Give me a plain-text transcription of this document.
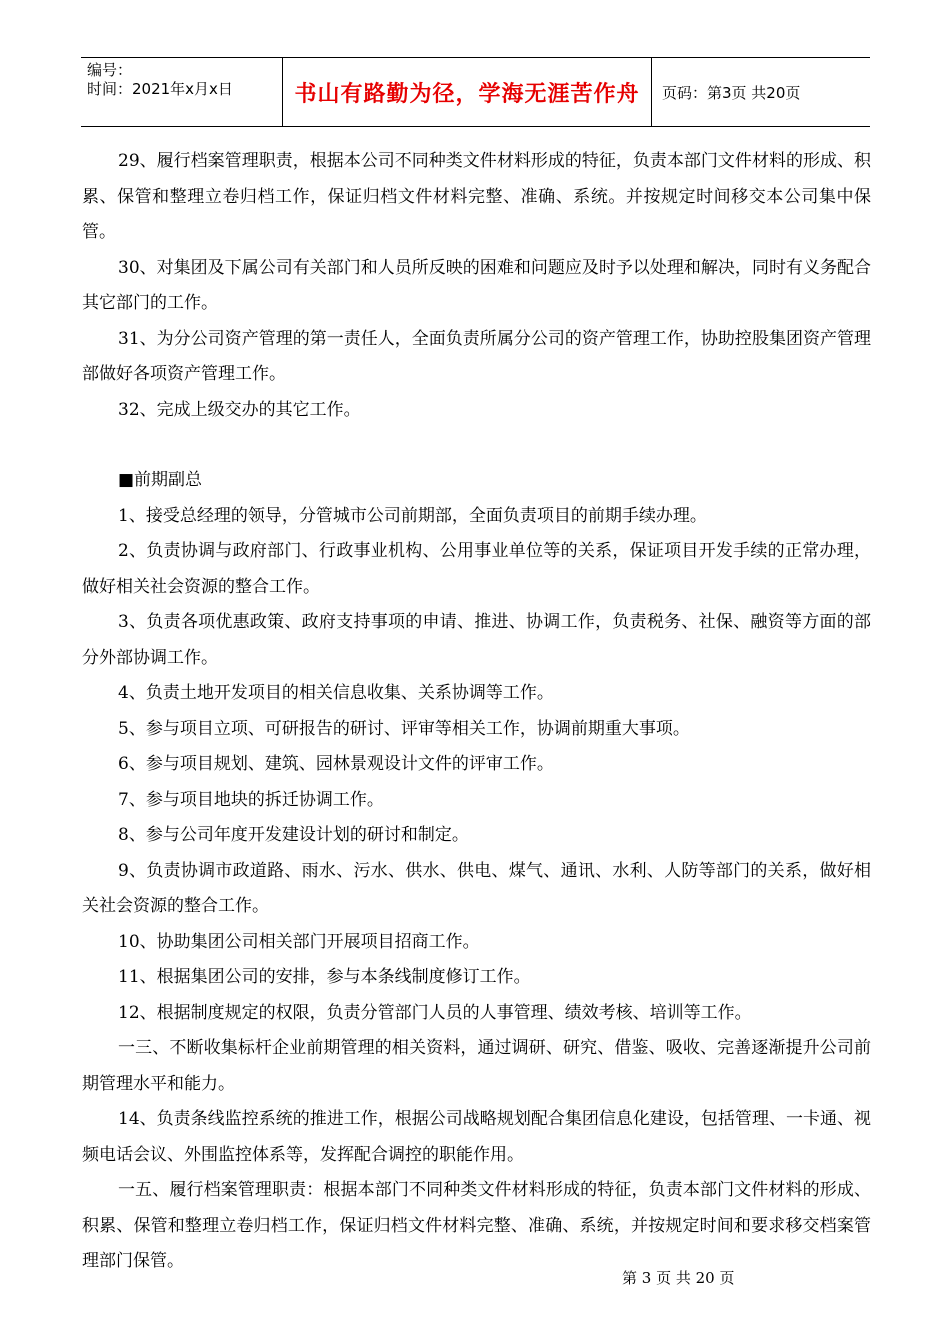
编号：
时间：2021年x月x日	书山有路勤为径，学海无涯苦作舟	页码：第3页 共20页

29、履行档案管理职责，根据本公司不同种类文件材料形成的特征，负责本部门文件材料的形成、积累、保管和整理立卷归档工作，保证归档文件材料完整、准确、系统。并按规定时间移交本公司集中保管。

30、对集团及下属公司有关部门和人员所反映的困难和问题应及时予以处理和解决，同时有义务配合其它部门的工作。

31、为分公司资产管理的第一责任人，全面负责所属分公司的资产管理工作，协助控股集团资产管理部做好各项资产管理工作。

32、完成上级交办的其它工作。

■前期副总

1、接受总经理的领导，分管城市公司前期部，全面负责项目的前期手续办理。

2、负责协调与政府部门、行政事业机构、公用事业单位等的关系，保证项目开发手续的正常办理，做好相关社会资源的整合工作。

3、负责各项优惠政策、政府支持事项的申请、推进、协调工作，负责税务、社保、融资等方面的部分外部协调工作。

4、负责土地开发项目的相关信息收集、关系协调等工作。

5、参与项目立项、可研报告的研讨、评审等相关工作，协调前期重大事项。

6、参与项目规划、建筑、园林景观设计文件的评审工作。

7、参与项目地块的拆迁协调工作。

8、参与公司年度开发建设计划的研讨和制定。

9、负责协调市政道路、雨水、污水、供水、供电、煤气、通讯、水利、人防等部门的关系，做好相关社会资源的整合工作。

10、协助集团公司相关部门开展项目招商工作。

11、根据集团公司的安排，参与本条线制度修订工作。

12、根据制度规定的权限，负责分管部门人员的人事管理、绩效考核、培训等工作。

一三、不断收集标杆企业前期管理的相关资料，通过调研、研究、借鉴、吸收、完善逐渐提升公司前期管理水平和能力。

14、负责条线监控系统的推进工作，根据公司战略规划配合集团信息化建设，包括管理、一卡通、视频电话会议、外围监控体系等，发挥配合调控的职能作用。

一五、履行档案管理职责：根据本部门不同种类文件材料形成的特征，负责本部门文件材料的形成、积累、保管和整理立卷归档工作，保证归档文件材料完整、准确、系统，并按规定时间和要求移交档案管理部门保管。

第 3 页 共 20 页
